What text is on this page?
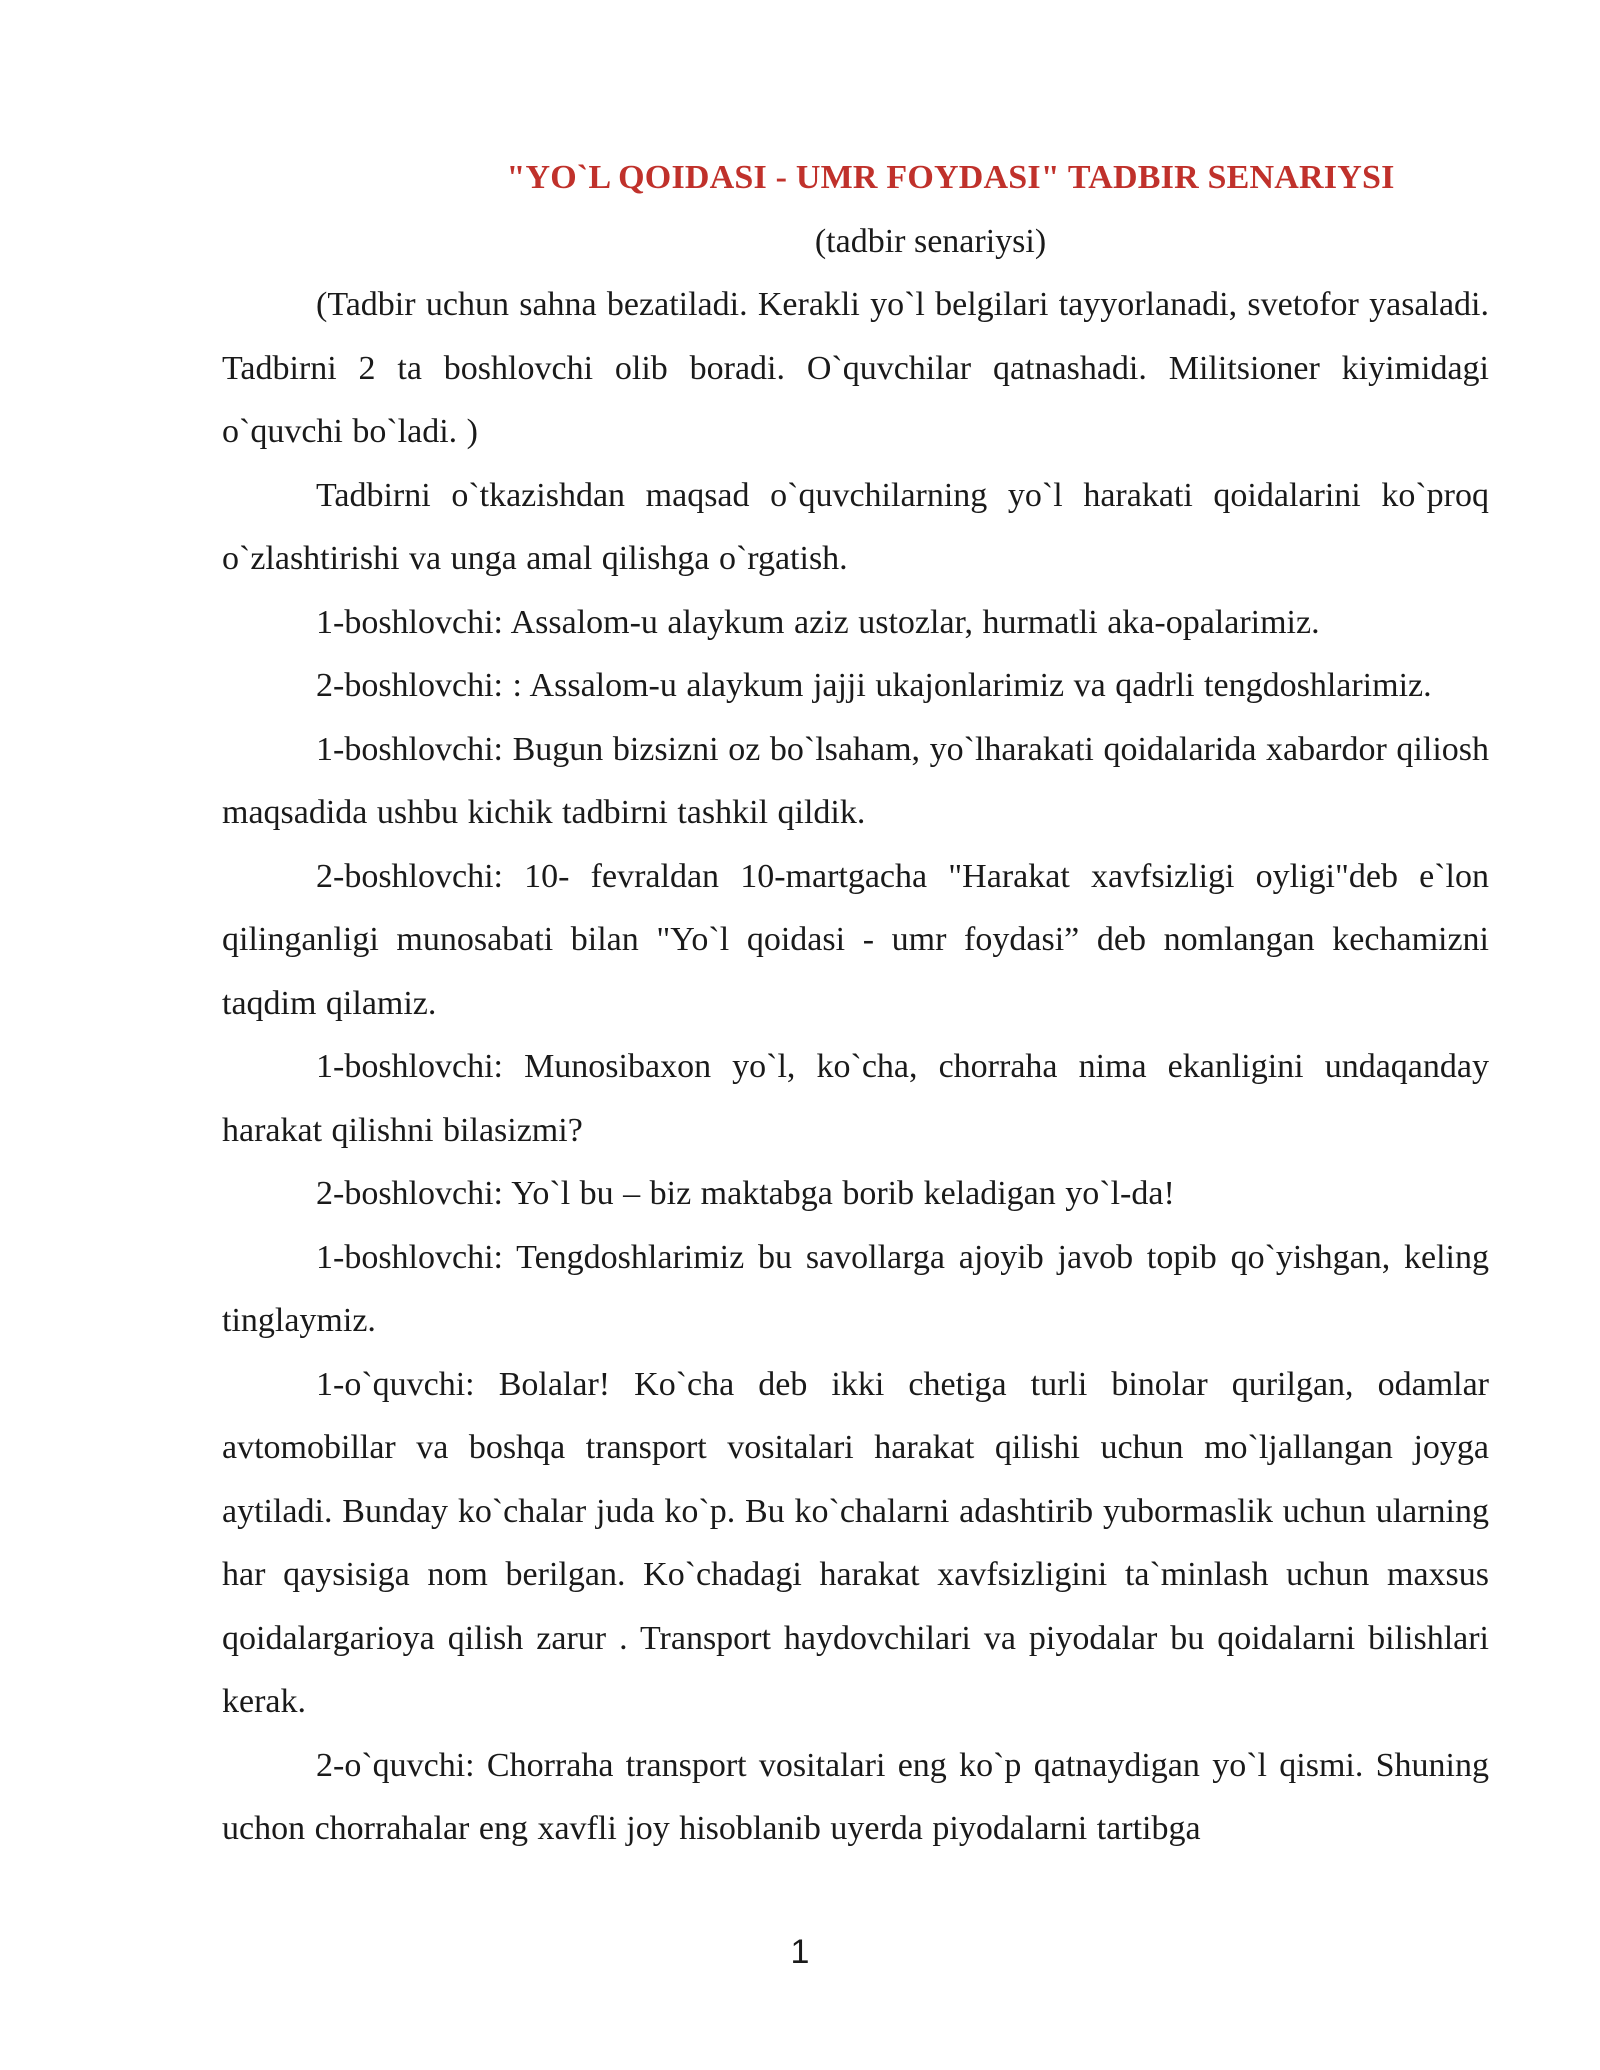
"YO`L QOIDASI - UMR FOYDASI" TADBIR SENARIYSI

(tadbir senariysi)

(Tadbir uchun sahna bezatiladi. Kerakli yo`l belgilari tayyorlanadi, svetofor yasaladi. Tadbirni 2 ta boshlovchi olib boradi. O`quvchilar qatnashadi. Militsioner kiyimidagi o`quvchi bo`ladi. )

Tadbirni o`tkazishdan maqsad o`quvchilarning yo`l harakati qoidalarini ko`proq o`zlashtirishi va unga amal qilishga o`rgatish.

1-boshlovchi: Assalom-u alaykum aziz ustozlar, hurmatli aka-opalarimiz.

2-boshlovchi: : Assalom-u alaykum jajji ukajonlarimiz va qadrli tengdoshlarimiz.

1-boshlovchi: Bugun bizsizni oz bo`lsaham, yo`lharakati qoidalarida xabardor qiliosh maqsadida ushbu kichik tadbirni tashkil qildik.

2-boshlovchi: 10- fevraldan 10-martgacha "Harakat xavfsizligi oyligi"deb e`lon qilinganligi munosabati bilan "Yo`l qoidasi - umr foydasi” deb nomlangan kechamizni taqdim qilamiz.

1-boshlovchi: Munosibaxon yo`l, ko`cha, chorraha nima ekanligini undaqanday harakat qilishni bilasizmi?

2-boshlovchi: Yo`l bu – biz maktabga borib keladigan yo`l-da!

1-boshlovchi: Tengdoshlarimiz bu savollarga ajoyib javob topib qo`yishgan, keling tinglaymiz.

1-o`quvchi: Bolalar! Ko`cha deb ikki chetiga turli binolar qurilgan, odamlar avtomobillar va boshqa transport vositalari harakat qilishi uchun mo`ljallangan joyga aytiladi. Bunday ko`chalar juda ko`p. Bu ko`chalarni adashtirib yubormaslik uchun ularning har qaysisiga nom berilgan. Ko`chadagi harakat xavfsizligini ta`minlash uchun maxsus qoidalargarioya qilish zarur . Transport haydovchilari va piyodalar bu qoidalarni bilishlari kerak.

2-o`quvchi: Chorraha transport vositalari eng ko`p qatnaydigan yo`l qismi. Shuning uchon chorrahalar eng xavfli joy hisoblanib uyerda piyodalarni tartibga

1
